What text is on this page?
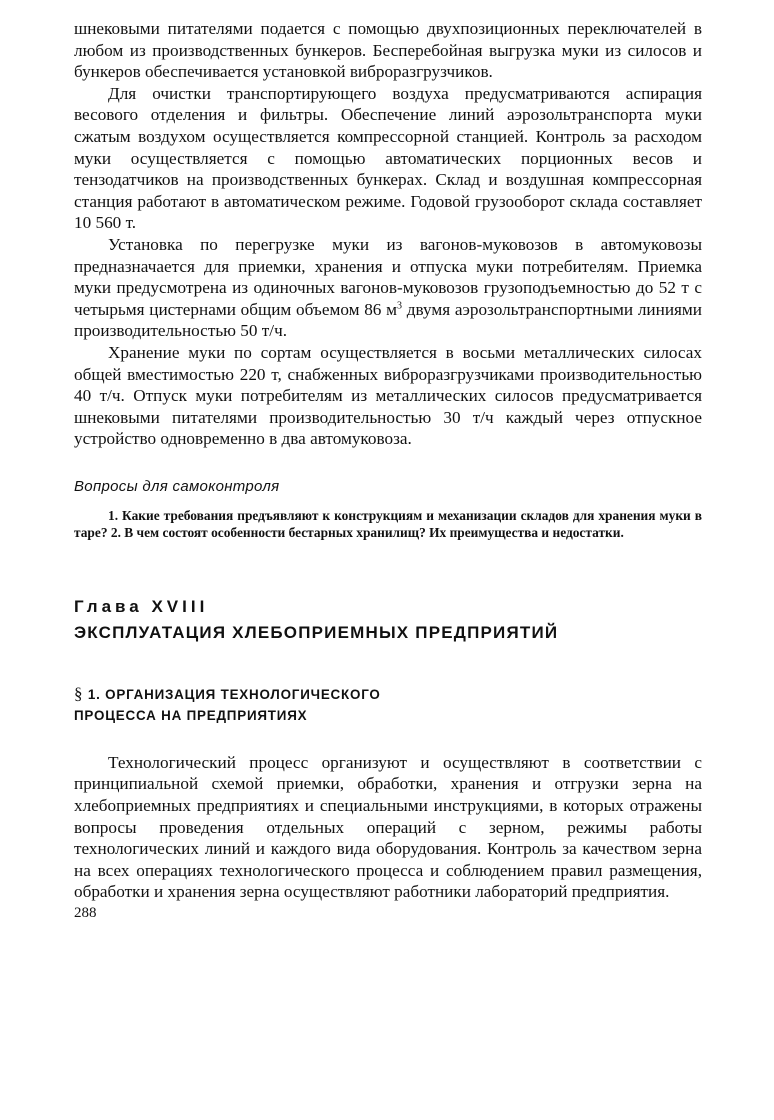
шнековыми питателями подается с помощью двухпозиционных переключателей в любом из производственных бункеров. Бесперебойная выгрузка муки из силосов и бункеров обеспечивается установкой виброразгрузчиков.

Для очистки транспортирующего воздуха предусматриваются аспирация весового отделения и фильтры. Обеспечение линий аэрозольтранспорта муки сжатым воздухом осуществляется компрессорной станцией. Контроль за расходом муки осуществляется с помощью автоматических порционных весов и тензодатчиков на производственных бункерах. Склад и воздушная компрессорная станция работают в автоматическом режиме. Годовой грузооборот склада составляет 10 560 т.

Установка по перегрузке муки из вагонов-муковозов в автомуковозы предназначается для приемки, хранения и отпуска муки потребителям. Приемка муки предусмотрена из одиночных вагонов-муковозов грузоподъемностью до 52 т с четырьмя цистернами общим объемом 86 $м^3$ двумя аэрозольтранспортными линиями производительностью 50 т/ч.

Хранение муки по сортам осуществляется в восьми металлических силосах общей вместимостью 220 т, снабженных виброразгрузчиками производительностью 40 т/ч. Отпуск муки потребителям из металлических силосов предусматривается шнековыми питателями производительностью 30 т/ч каждый через отпускное устройство одновременно в два автомуковоза.

Вопросы для самоконтроля

1. Какие требования предъявляют к конструкциям и механизации складов для хранения муки в таре? 2. В чем состоят особенности бестарных хранилищ? Их преимущества и недостатки.

Глава XVIII
ЭКСПЛУАТАЦИЯ ХЛЕБОПРИЕМНЫХ ПРЕДПРИЯТИЙ
§ 1. ОРГАНИЗАЦИЯ ТЕХНОЛОГИЧЕСКОГО
ПРОЦЕССА НА ПРЕДПРИЯТИЯХ

Технологический процесс организуют и осуществляют в соответствии с принципиальной схемой приемки, обработки, хранения и отгрузки зерна на хлебоприемных предприятиях и специальными инструкциями, в которых отражены вопросы проведения отдельных операций с зерном, режимы работы технологических линий и каждого вида оборудования. Контроль за качеством зерна на всех операциях технологического процесса и соблюдением правил размещения, обработки и хранения зерна осуществляют работники лабораторий предприятия.

288
